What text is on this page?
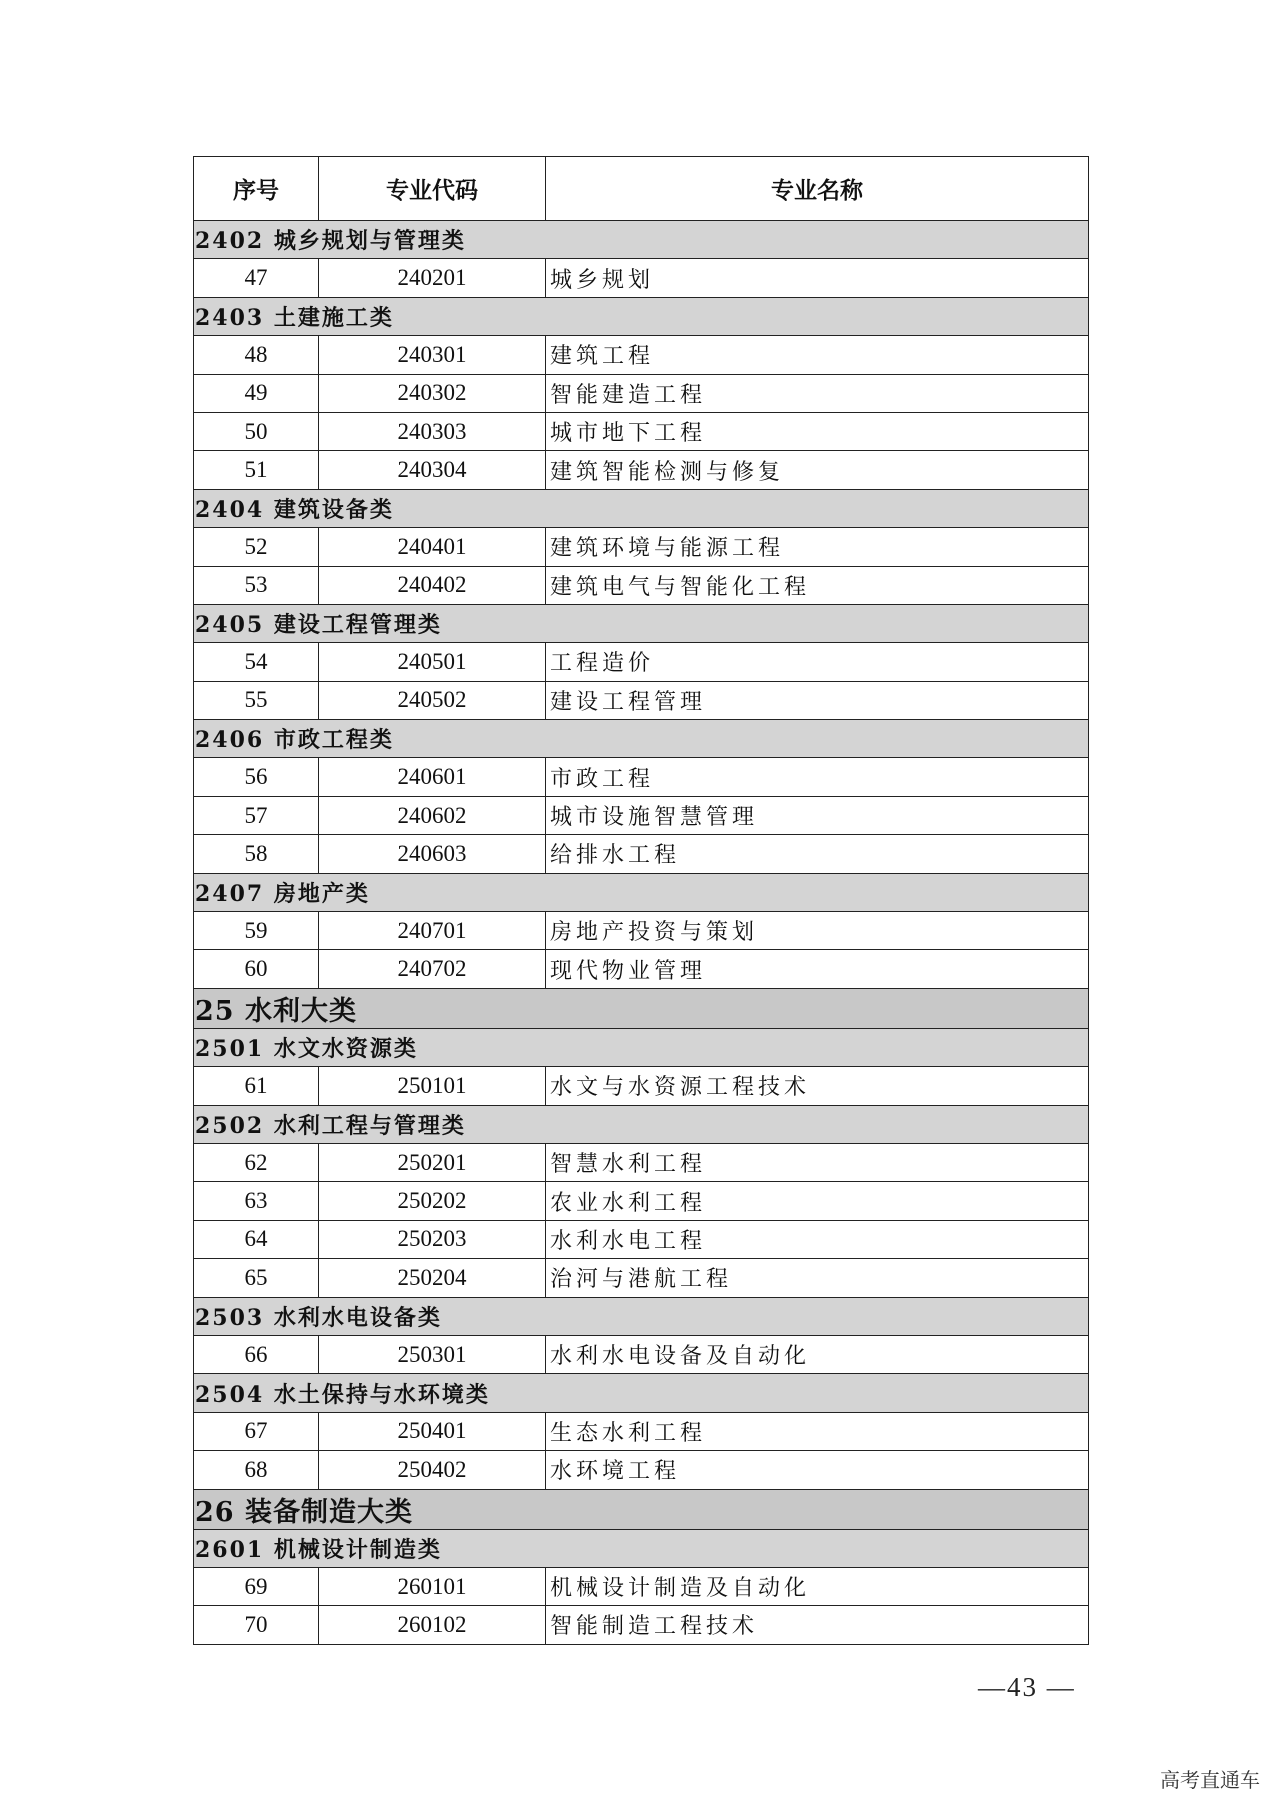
序号	专业代码	专业名称
2402 城乡规划与管理类		
47	240201	城乡规划
2403 土建施工类		
48	240301	建筑工程
49	240302	智能建造工程
50	240303	城市地下工程
51	240304	建筑智能检测与修复
2404 建筑设备类		
52	240401	建筑环境与能源工程
53	240402	建筑电气与智能化工程
2405 建设工程管理类		
54	240501	工程造价
55	240502	建设工程管理
2406 市政工程类		
56	240601	市政工程
57	240602	城市设施智慧管理
58	240603	给排水工程
2407 房地产类		
59	240701	房地产投资与策划
60	240702	现代物业管理
25 水利大类		
2501 水文水资源类		
61	250101	水文与水资源工程技术
2502 水利工程与管理类		
62	250201	智慧水利工程
63	250202	农业水利工程
64	250203	水利水电工程
65	250204	治河与港航工程
2503 水利水电设备类		
66	250301	水利水电设备及自动化
2504 水土保持与水环境类		
67	250401	生态水利工程
68	250402	水环境工程
26 装备制造大类		
2601 机械设计制造类		
69	260101	机械设计制造及自动化
70	260102	智能制造工程技术
—43 —
高考直通车
